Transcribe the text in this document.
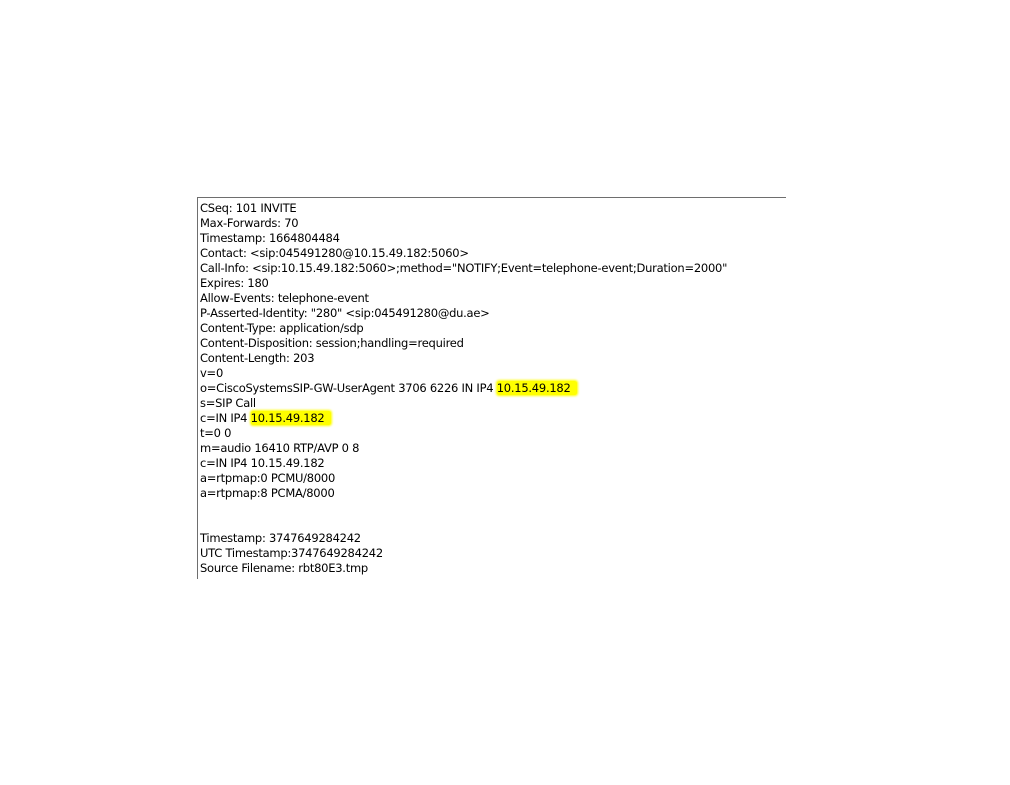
CSeq: 101 INVITE
Max-Forwards: 70
Timestamp: 1664804484
Contact: <sip:045491280@10.15.49.182:5060>
Call-Info: <sip:10.15.49.182:5060>;method="NOTIFY;Event=telephone-event;Duration=2000"
Expires: 180
Allow-Events: telephone-event
P-Asserted-Identity: "280" <sip:045491280@du.ae>
Content-Type: application/sdp
Content-Disposition: session;handling=required
Content-Length: 203
v=0
o=CiscoSystemsSIP-GW-UserAgent 3706 6226 IN IP4 10.15.49.182
s=SIP Call
c=IN IP4 10.15.49.182
t=0 0
m=audio 16410 RTP/AVP 0 8
c=IN IP4 10.15.49.182
a=rtpmap:0 PCMU/8000
a=rtpmap:8 PCMA/8000
Timestamp: 3747649284242
UTC Timestamp:3747649284242
Source Filename: rbt80E3.tmp
